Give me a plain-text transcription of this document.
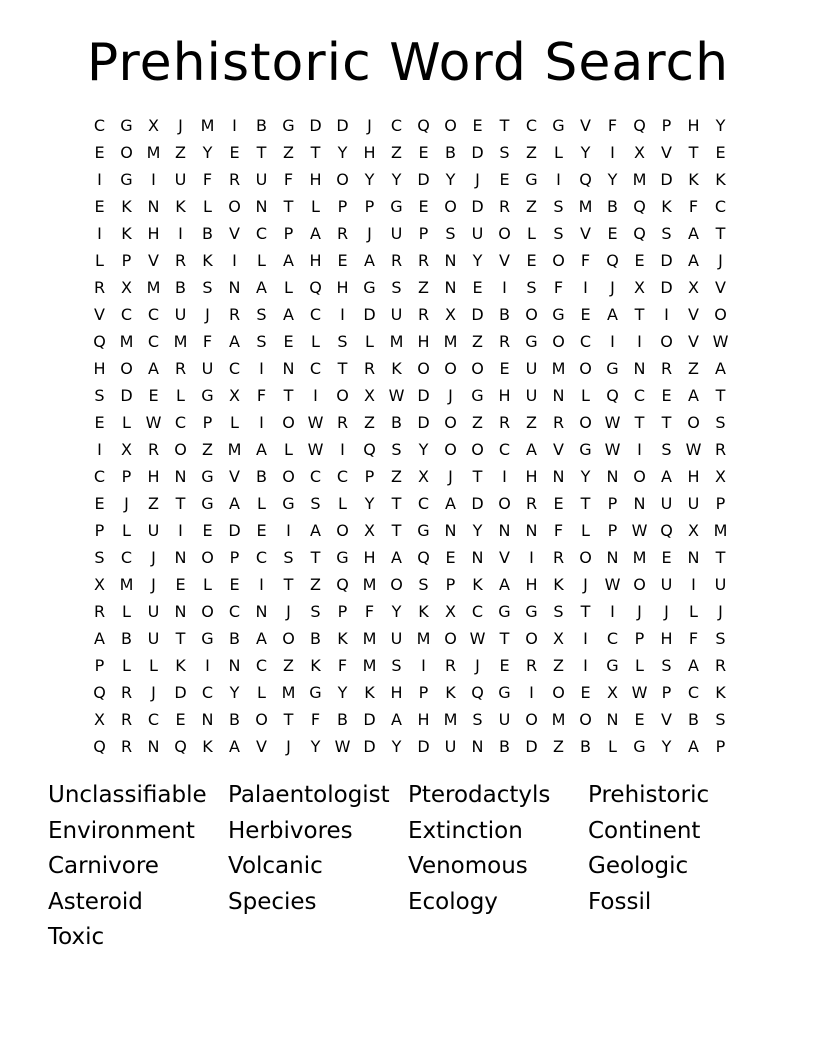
Prehistoric Word Search
C G X	J	M	I	B G D D	J	C Q O E	T	C G V	F	Q P	H	Y
E O M Z	Y	E	T	Z	T	Y	H Z	E	B D S	Z	L	Y	I	X	V	T	E
I	G	I	U	F	R U	F	H O Y	Y D Y	J	E G	I	Q Y M D K	K
E	K N K	L	O N	T	L	P	P G E O D R Z	S M B Q K	F	C
I	K H	I	B	V C	P	A R	J	U	P	S	U O	L	S	V	E Q S	A	T
L	P	V R	K	I	L	A H E	A R R N	Y	V	E O	F	Q E D A	J
R X M B	S N A	L	Q H G S	Z N E	I	S	F	I	J	X D X	V
V C C U	J	R	S	A C	I	D U R X D B O G E	A	T	I	V O
Q M C M F	A	S	E	L	S	L M H M Z R G O C	I	I	O V W
H O A R U C	I	N C	T	R	K O O O E	U M O G N R Z	A
S D E	L	G X	F	T	I	O X W D	J	G H U N	L	Q C	E	A	T
E	L W C	P	L	I	O W R Z	B D O Z R Z R O W T	T O S
I	X R O Z M A	L W	I	Q S	Y O O C A	V G W	I	S W R
C	P	H N G V	B O C C	P	Z	X	J	T	I	H N	Y	N O A H X
E	J	Z	T G A	L	G S	L	Y	T	C A D O R	E	T	P	N U U	P
P	L	U	I	E D E	I	A O X	T G N	Y	N N	F	L	P W Q X M
S	C	J	N O P	C	S	T G H A Q E N V	I	R O N M E N	T
X M	J	E	L	E	I	T	Z Q M O S	P	K	A H K	J	W O U	I	U
R	L	U N O C N	J	S	P	F	Y	K	X C G G S	T	I	J	J	L	J
A	B U	T G B	A O B	K M U M O W T O X	I	C	P	H	F	S
P	L	L	K	I	N C Z	K	F M S	I	R	J	E	R Z	I	G	L	S	A R
Q R	J	D C	Y	L M G Y	K H	P	K Q G	I	O E	X W P	C	K
X R C	E N B O T	F	B D A H M S	U O M O N E	V	B	S
Q R N Q K	A	V	J	Y W D Y D U N B D Z	B	L	G Y	A	P
Unclassifiable Palaentologist Pterodactyls	Prehistoric
Environment	Herbivores	Extinction	Continent
Carnivore	Volcanic	Venomous	Geologic
Asteroid	Species	Ecology	Fossil
Toxic
